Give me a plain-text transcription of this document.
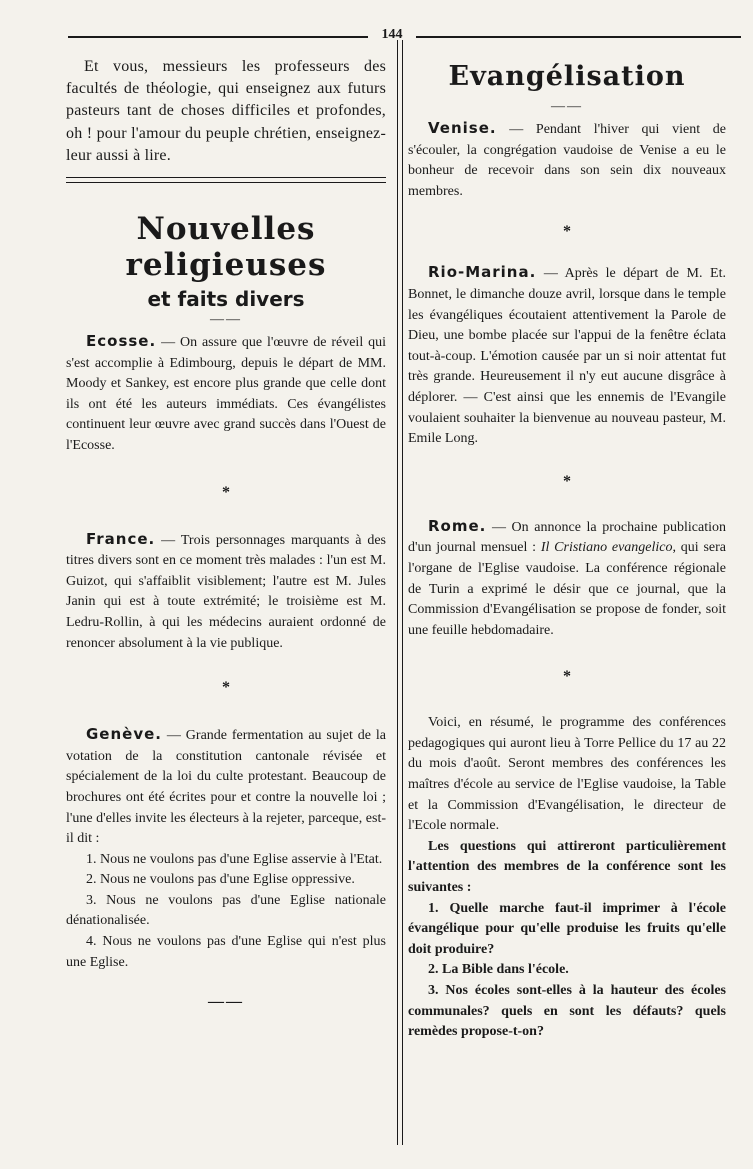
144

Et vous, messieurs les professeurs des facultés de théologie, qui enseignez aux futurs pasteurs tant de choses difficiles et profondes, oh ! pour l'amour du peuple chrétien, enseignez-leur aussi à lire.

Nouvelles religieuses
et faits divers
——

Ecosse. — On assure que l'œuvre de réveil qui s'est accomplie à Edimbourg, depuis le départ de MM. Moody et Sankey, est encore plus grande que celle dont ils ont été les auteurs immédiats. Ces évangélistes continuent leur œuvre avec grand succès dans l'Ouest de l'Ecosse.

*

France. — Trois personnages marquants à des titres divers sont en ce moment très malades : l'un est M. Guizot, qui s'affaiblit visiblement; l'autre est M. Jules Janin qui est à toute extrémité; le troisième est M. Ledru-Rollin, à qui les médecins auraient ordonné de renoncer absolument à la vie publique.

*

Genève. — Grande fermentation au sujet de la votation de la constitution cantonale révisée et spécialement de la loi du culte protestant. Beaucoup de brochures ont été écrites pour et contre la nouvelle loi ; l'une d'elles invite les électeurs à la rejeter, parceque, est-il dit :

1. Nous ne voulons pas d'une Eglise asservie à l'Etat.

2. Nous ne voulons pas d'une Eglise oppressive.

3. Nous ne voulons pas d'une Eglise nationale dénationalisée.

4. Nous ne voulons pas d'une Eglise qui n'est plus une Eglise.

——
Evangélisation
——

Venise. — Pendant l'hiver qui vient de s'écouler, la congrégation vaudoise de Venise a eu le bonheur de recevoir dans son sein dix nouveaux membres.

*

Rio-Marina. — Après le départ de M. Et. Bonnet, le dimanche douze avril, lorsque dans le temple les évangéliques écoutaient attentivement la Parole de Dieu, une bombe placée sur l'appui de la fenêtre éclata tout-à-coup. L'émotion causée par un si noir attentat fut très grande. Heureusement il n'y eut aucune disgrâce à déplorer. — C'est ainsi que les ennemis de l'Evangile voulaient souhaiter la bienvenue au nouveau pasteur, M. Emile Long.

*

Rome. — On annonce la prochaine publication d'un journal mensuel : Il Cristiano evangelico, qui sera l'organe de l'Eglise vaudoise. La conférence régionale de Turin a exprimé le désir que ce journal, que la Commission d'Evangélisation se propose de fonder, soit une feuille hebdomadaire.

*

Voici, en résumé, le programme des conférences pedagogiques qui auront lieu à Torre Pellice du 17 au 22 du mois d'août. Seront membres des conférences les maîtres d'école au service de l'Eglise vaudoise, la Table et la Commission d'Evangélisation, le directeur de l'Ecole normale.

Les questions qui attireront particulièrement l'attention des membres de la conférence sont les suivantes :

1. Quelle marche faut-il imprimer à l'école évangélique pour qu'elle produise les fruits qu'elle doit produire?

2. La Bible dans l'école.

3. Nos écoles sont-elles à la hauteur des écoles communales? quels en sont les défauts? quels remèdes propose-t-on?
